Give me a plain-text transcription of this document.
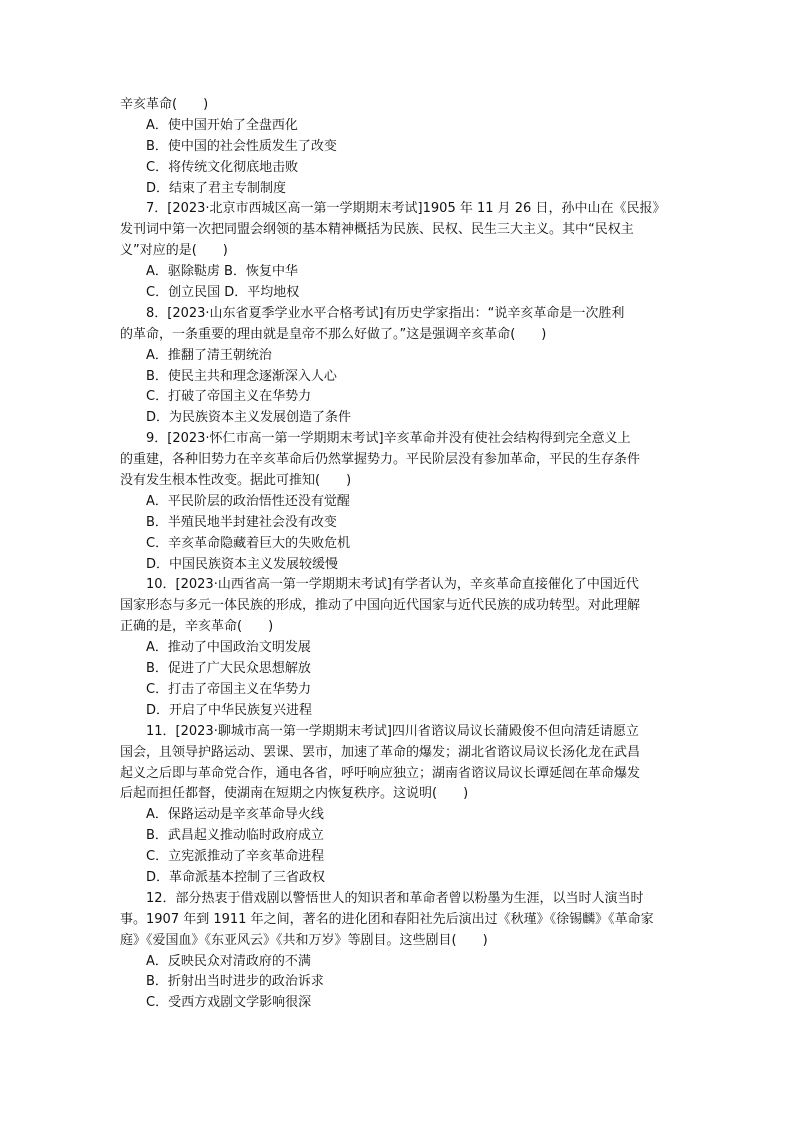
辛亥革命(　　)
A．使中国开始了全盘西化
B．使中国的社会性质发生了改变
C．将传统文化彻底地击败
D．结束了君主专制制度
7．[2023·北京市西城区高一第一学期期末考试]1905 年 11 月 26 日，孙中山在《民报》
发刊词中第一次把同盟会纲领的基本精神概括为民族、民权、民生三大主义。其中“民权主
义”对应的是(　　)
A．驱除鞑虏 B．恢复中华
C．创立民国 D．平均地权
8．[2023·山东省夏季学业水平合格考试]有历史学家指出：“说辛亥革命是一次胜利
的革命，一条重要的理由就是皇帝不那么好做了。”这是强调辛亥革命(　　)
A．推翻了清王朝统治
B．使民主共和理念逐渐深入人心
C．打破了帝国主义在华势力
D．为民族资本主义发展创造了条件
9．[2023·怀仁市高一第一学期期末考试]辛亥革命并没有使社会结构得到完全意义上
的重建，各种旧势力在辛亥革命后仍然掌握势力。平民阶层没有参加革命，平民的生存条件
没有发生根本性改变。据此可推知(　　)
A．平民阶层的政治悟性还没有觉醒
B．半殖民地半封建社会没有改变
C．辛亥革命隐藏着巨大的失败危机
D．中国民族资本主义发展较缓慢
10．[2023·山西省高一第一学期期末考试]有学者认为，辛亥革命直接催化了中国近代
国家形态与多元一体民族的形成，推动了中国向近代国家与近代民族的成功转型。对此理解
正确的是，辛亥革命(　　)
A．推动了中国政治文明发展
B．促进了广大民众思想解放
C．打击了帝国主义在华势力
D．开启了中华民族复兴进程
11．[2023·聊城市高一第一学期期末考试]四川省谘议局议长蒲殿俊不但向清廷请愿立
国会，且领导护路运动、罢课、罢市，加速了革命的爆发；湖北省谘议局议长汤化龙在武昌
起义之后即与革命党合作，通电各省，呼吁响应独立；湖南省谘议局议长谭延闿在革命爆发
后起而担任都督，使湖南在短期之内恢复秩序。这说明(　　)
A．保路运动是辛亥革命导火线
B．武昌起义推动临时政府成立
C．立宪派推动了辛亥革命进程
D．革命派基本控制了三省政权
12．部分热衷于借戏剧以警悟世人的知识者和革命者曾以粉墨为生涯，以当时人演当时
事。1907 年到 1911 年之间，著名的进化团和春阳社先后演出过《秋瑾》《徐锡麟》《革命家
庭》《爱国血》《东亚风云》《共和万岁》等剧目。这些剧目(　　)
A．反映民众对清政府的不满
B．折射出当时进步的政治诉求
C．受西方戏剧文学影响很深
